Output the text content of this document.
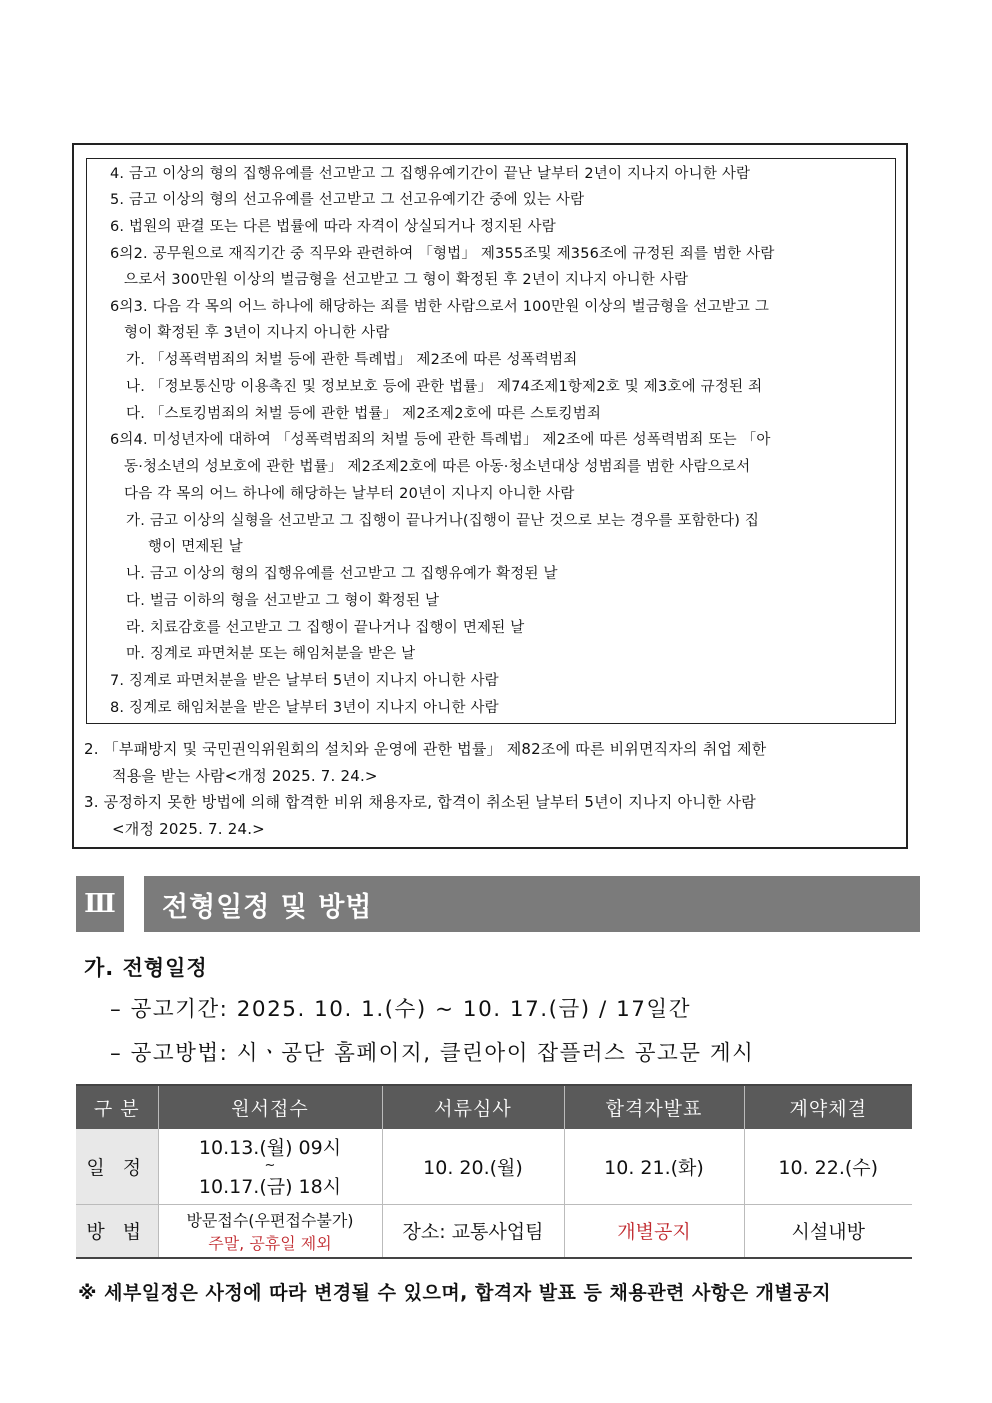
4. 금고 이상의 형의 집행유예를 선고받고 그 집행유예기간이 끝난 날부터 2년이 지나지 아니한 사람
5. 금고 이상의 형의 선고유예를 선고받고 그 선고유예기간 중에 있는 사람
6. 법원의 판결 또는 다른 법률에 따라 자격이 상실되거나 정지된 사람
6의2. 공무원으로 재직기간 중 직무와 관련하여 「형법」 제355조및 제356조에 규정된 죄를 범한 사람
으로서 300만원 이상의 벌금형을 선고받고 그 형이 확정된 후 2년이 지나지 아니한 사람
6의3. 다음 각 목의 어느 하나에 해당하는 죄를 범한 사람으로서 100만원 이상의 벌금형을 선고받고 그
형이 확정된 후 3년이 지나지 아니한 사람
가. 「성폭력범죄의 처벌 등에 관한 특례법」 제2조에 따른 성폭력범죄
나. 「정보통신망 이용촉진 및 정보보호 등에 관한 법률」 제74조제1항제2호 및 제3호에 규정된 죄
다. 「스토킹범죄의 처벌 등에 관한 법률」 제2조제2호에 따른 스토킹범죄
6의4. 미성년자에 대하여 「성폭력범죄의 처벌 등에 관한 특례법」 제2조에 따른 성폭력범죄 또는 「아
동·청소년의 성보호에 관한 법률」 제2조제2호에 따른 아동·청소년대상 성범죄를 범한 사람으로서
다음 각 목의 어느 하나에 해당하는 날부터 20년이 지나지 아니한 사람
가. 금고 이상의 실형을 선고받고 그 집행이 끝나거나(집행이 끝난 것으로 보는 경우를 포함한다) 집
행이 면제된 날
나. 금고 이상의 형의 집행유예를 선고받고 그 집행유예가 확정된 날
다. 벌금 이하의 형을 선고받고 그 형이 확정된 날
라. 치료감호를 선고받고 그 집행이 끝나거나 집행이 면제된 날
마. 징계로 파면처분 또는 해임처분을 받은 날
7. 징계로 파면처분을 받은 날부터 5년이 지나지 아니한 사람
8. 징계로 해임처분을 받은 날부터 3년이 지나지 아니한 사람
2. 「부패방지 및 국민권익위원회의 설치와 운영에 관한 법률」 제82조에 따른 비위면직자의 취업 제한
적용을 받는 사람<개정 2025. 7. 24.>
3. 공정하지 못한 방법에 의해 합격한 비위 채용자로, 합격이 취소된 날부터 5년이 지나지 아니한 사람
<개정 2025. 7. 24.>
Ⅲ	전형일정 및 방법
가. 전형일정
– 공고기간: 2025. 10. 1.(수) ~ 10. 17.(금) / 17일간
– 공고방법: 시ㆍ공단 홈페이지, 클린아이 잡플러스 공고문 게시
구 분	원서접수	서류심사	합격자발표	계약체결
일 정	10.13.(월) 09시
~
10.17.(금) 18시	10. 20.(월)	10. 21.(화)	10. 22.(수)
방 법	방문접수(우편접수불가)
주말, 공휴일 제외	장소: 교통사업팀	개별공지	시설내방
※ 세부일정은 사정에 따라 변경될 수 있으며, 합격자 발표 등 채용관련 사항은 개별공지
